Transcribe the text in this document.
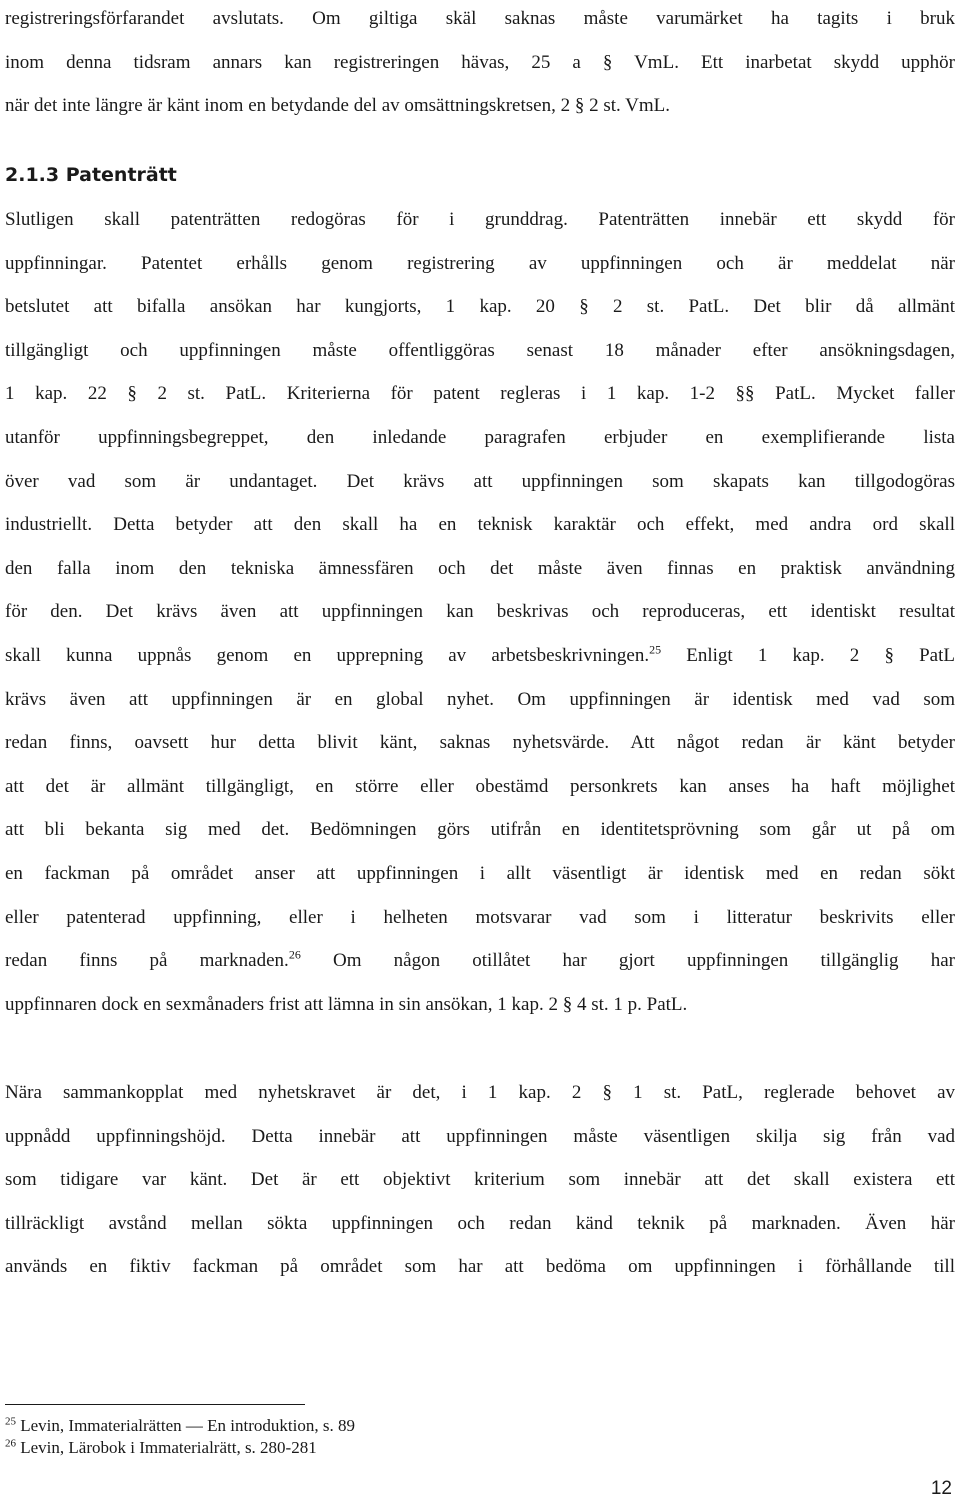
registreringsförfarandet avslutats. Om giltiga skäl saknas måste varumärket ha tagits i bruk
inom denna tidsram annars kan registreringen hävas, 25 a § VmL. Ett inarbetat skydd upphör
när det inte längre är känt inom en betydande del av omsättningskretsen, 2 § 2 st. VmL.
2.1.3 Patenträtt
Slutligen skall patenträtten redogöras för i grunddrag. Patenträtten innebär ett skydd för
uppfinningar. Patentet erhålls genom registrering av uppfinningen och är meddelat när
betslutet att bifalla ansökan har kungjorts, 1 kap. 20 § 2 st. PatL. Det blir då allmänt
tillgängligt och uppfinningen måste offentliggöras senast 18 månader efter ansökningsdagen,
1 kap. 22 § 2 st. PatL. Kriterierna för patent regleras i 1 kap. 1-2 §§ PatL. Mycket faller
utanför uppfinningsbegreppet, den inledande paragrafen erbjuder en exemplifierande lista
över vad som är undantaget. Det krävs att uppfinningen som skapats kan tillgodogöras
industriellt. Detta betyder att den skall ha en teknisk karaktär och effekt, med andra ord skall
den falla inom den tekniska ämnessfären och det måste även finnas en praktisk användning
för den. Det krävs även att uppfinningen kan beskrivas och reproduceras, ett identiskt resultat
skall kunna uppnås genom en upprepning av arbetsbeskrivningen.$^{25}$ Enligt 1 kap. 2 § PatL
krävs även att uppfinningen är en global nyhet. Om uppfinningen är identisk med vad som
redan finns, oavsett hur detta blivit känt, saknas nyhetsvärde. Att något redan är känt betyder
att det är allmänt tillgängligt, en större eller obestämd personkrets kan anses ha haft möjlighet
att bli bekanta sig med det. Bedömningen görs utifrån en identitetsprövning som går ut på om
en fackman på området anser att uppfinningen i allt väsentligt är identisk med en redan sökt
eller patenterad uppfinning, eller i helheten motsvarar vad som i litteratur beskrivits eller
redan finns på marknaden.$^{26}$ Om någon otillåtet har gjort uppfinningen tillgänglig har
uppfinnaren dock en sexmånaders frist att lämna in sin ansökan, 1 kap. 2 § 4 st. 1 p. PatL.
Nära sammankopplat med nyhetskravet är det, i 1 kap. 2 § 1 st. PatL, reglerade behovet av
uppnådd uppfinningshöjd. Detta innebär att uppfinningen måste väsentligen skilja sig från vad
som tidigare var känt. Det är ett objektivt kriterium som innebär att det skall existera ett
tillräckligt avstånd mellan sökta uppfinningen och redan känd teknik på marknaden. Även här
används en fiktiv fackman på området som har att bedöma om uppfinningen i förhållande till
$^{25}$ Levin, Immaterialrätten — En introduktion, s. 89
$^{26}$ Levin, Lärobok i Immaterialrätt, s. 280-281
12
